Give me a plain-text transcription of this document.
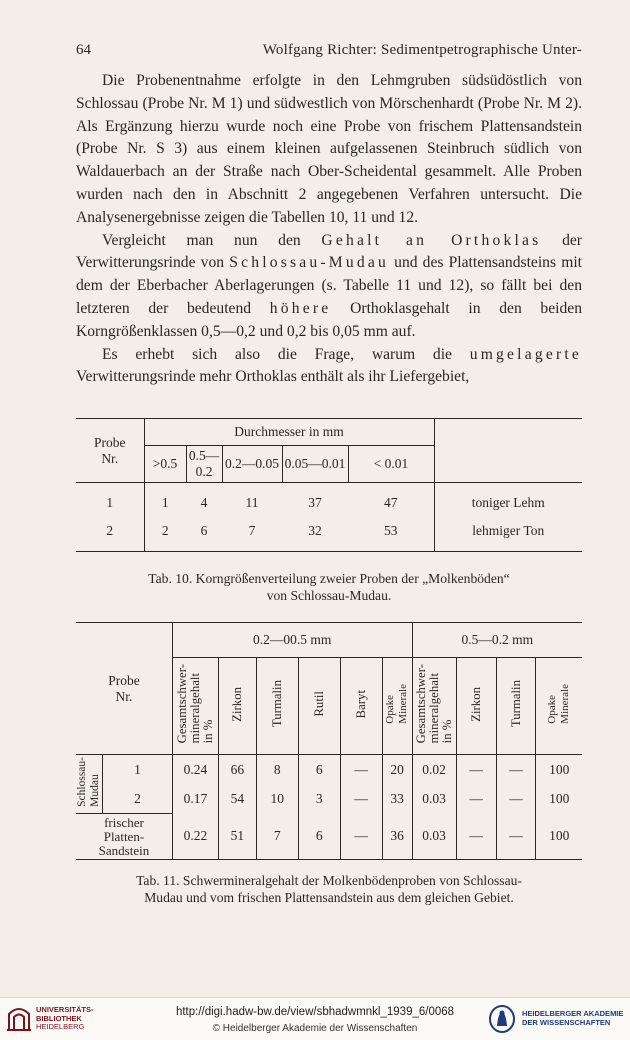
64	Wolfgang Richter: Sedimentpetrographische Unter-

Die Probenentnahme erfolgte in den Lehmgruben südsüdöstlich von Schlossau (Probe Nr. M 1) und südwestlich von Mörschenhardt (Probe Nr. M 2). Als Ergänzung hierzu wurde noch eine Probe von frischem Plattensandstein (Probe Nr. S 3) aus einem kleinen aufgelassenen Steinbruch südlich von Waldauerbach an der Straße nach Ober-Scheidental gesammelt. Alle Proben wurden nach den in Abschnitt 2 angegebenen Verfahren untersucht. Die Analysenergebnisse zeigen die Tabellen 10, 11 und 12.

Vergleicht man nun den Gehalt an Orthoklas der Verwitterungsrinde von Schlossau-Mudau und des Plattensandsteins mit dem der Eberbacher Aberlagerungen (s. Tabelle 11 und 12), so fällt bei den letzteren der bedeutend höhere Orthoklasgehalt in den beiden Korngrößenklassen 0,5—0,2 und 0,2 bis 0,05 mm auf.

Es erhebt sich also die Frage, warum die umgelagerte Verwitterungsrinde mehr Orthoklas enthält als ihr Liefergebiet,

Probe
Nr.	Durchmesser in mm					
	>0.5	0.5—0.2	0.2—0.05	0.05—0.01	< 0.01	

1	1	4	11	37	47	toniger Lehm
2	2	6	7	32	53	lehmiger Ton

Tab. 10. Korngrößenverteilung zweier Proben der „Molkenböden“
von Schlossau-Mudau.

Probe
Nr.		0.2—00.5 mm						0.5—0.2 mm			
		Gesamtschwer-
mineralgehalt
in %	Zirkon	Turmalin	Rutil	Baryt	Opake
Minerale	Gesamtschwer-
mineralgehalt
in %	Zirkon	Turmalin	Opake
Minerale

Schlossau-
Mudau	1	0.24	66	8	6	—	20	0.02	—	—	100
	2	0.17	54	10	3	—	33	0.03	—	—	100
frischer
Platten-
Sandstein		0.22	51	7	6	—	36	0.03	—	—	100

Tab. 11. Schwermineralgehalt der Molkenbödenproben von Schlossau-
Mudau und vom frischen Plattensandstein aus dem gleichen Gebiet.
UNIVERSITÄTS-
BIBLIOTHEK
HEIDELBERG
http://digi.hadw-bw.de/view/sbhadwmnkl_1939_6/0068
© Heidelberger Akademie der Wissenschaften
HEIDELBERGER AKADEMIE
DER WISSENSCHAFTEN
